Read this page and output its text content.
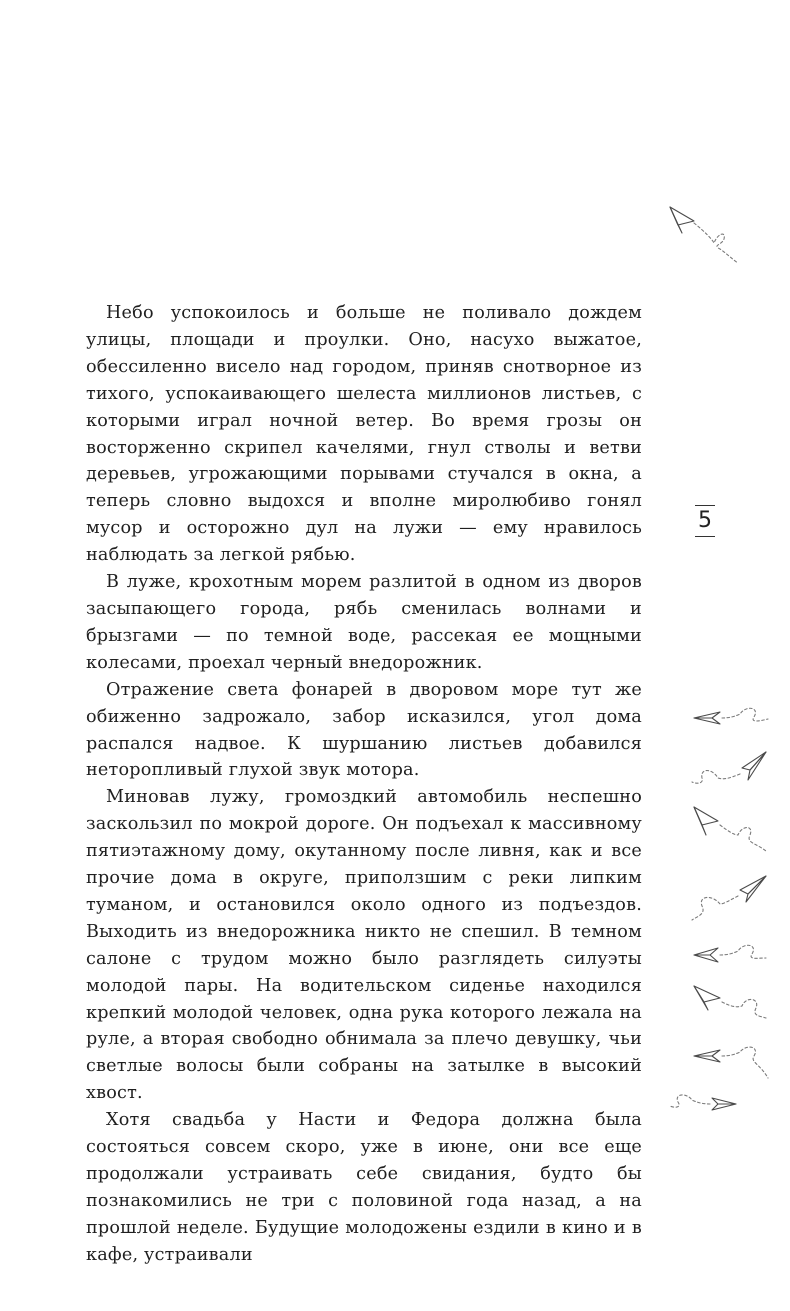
Небо успокоилось и больше не поливало дождем улицы, площади и проулки. Оно, насухо выжатое, обессиленно висело над городом, приняв снотворное из тихого, успокаивающего шелеста миллионов листьев, с которыми играл ночной ветер. Во время грозы он восторженно скрипел качелями, гнул стволы и ветви деревьев, угрожающими порывами стучался в окна, а теперь словно выдохся и вполне миролюбиво гонял мусор и осторожно дул на лужи — ему нравилось наблюдать за легкой рябью.

В луже, крохотным морем разлитой в одном из дворов засыпающего города, рябь сменилась волнами и брызгами — по темной воде, рассекая ее мощными колесами, проехал черный внедорожник.

Отражение света фонарей в дворовом море тут же обиженно задрожало, забор исказился, угол дома распался надвое. К шуршанию листьев добавился неторопливый глухой звук мотора.

Миновав лужу, громоздкий автомобиль неспешно заскользил по мокрой дороге. Он подъехал к массивному пятиэтажному дому, окутанному после ливня, как и все прочие дома в округе, приползшим с реки липким туманом, и остановился около одного из подъездов. Выходить из внедорожника никто не спешил. В темном салоне с трудом можно было разглядеть силуэты молодой пары. На водительском сиденье находился крепкий молодой человек, одна рука которого лежала на руле, а вторая свободно обнимала за плечо девушку, чьи светлые волосы были собраны на затылке в высокий хвост.

Хотя свадьба у Насти и Федора должна была состояться совсем скоро, уже в июне, они все еще продолжали устраивать себе свидания, будто бы познакомились не три с половиной года назад, а на прошлой неделе. Будущие молодожены ездили в кино и в кафе, устраивали

5
